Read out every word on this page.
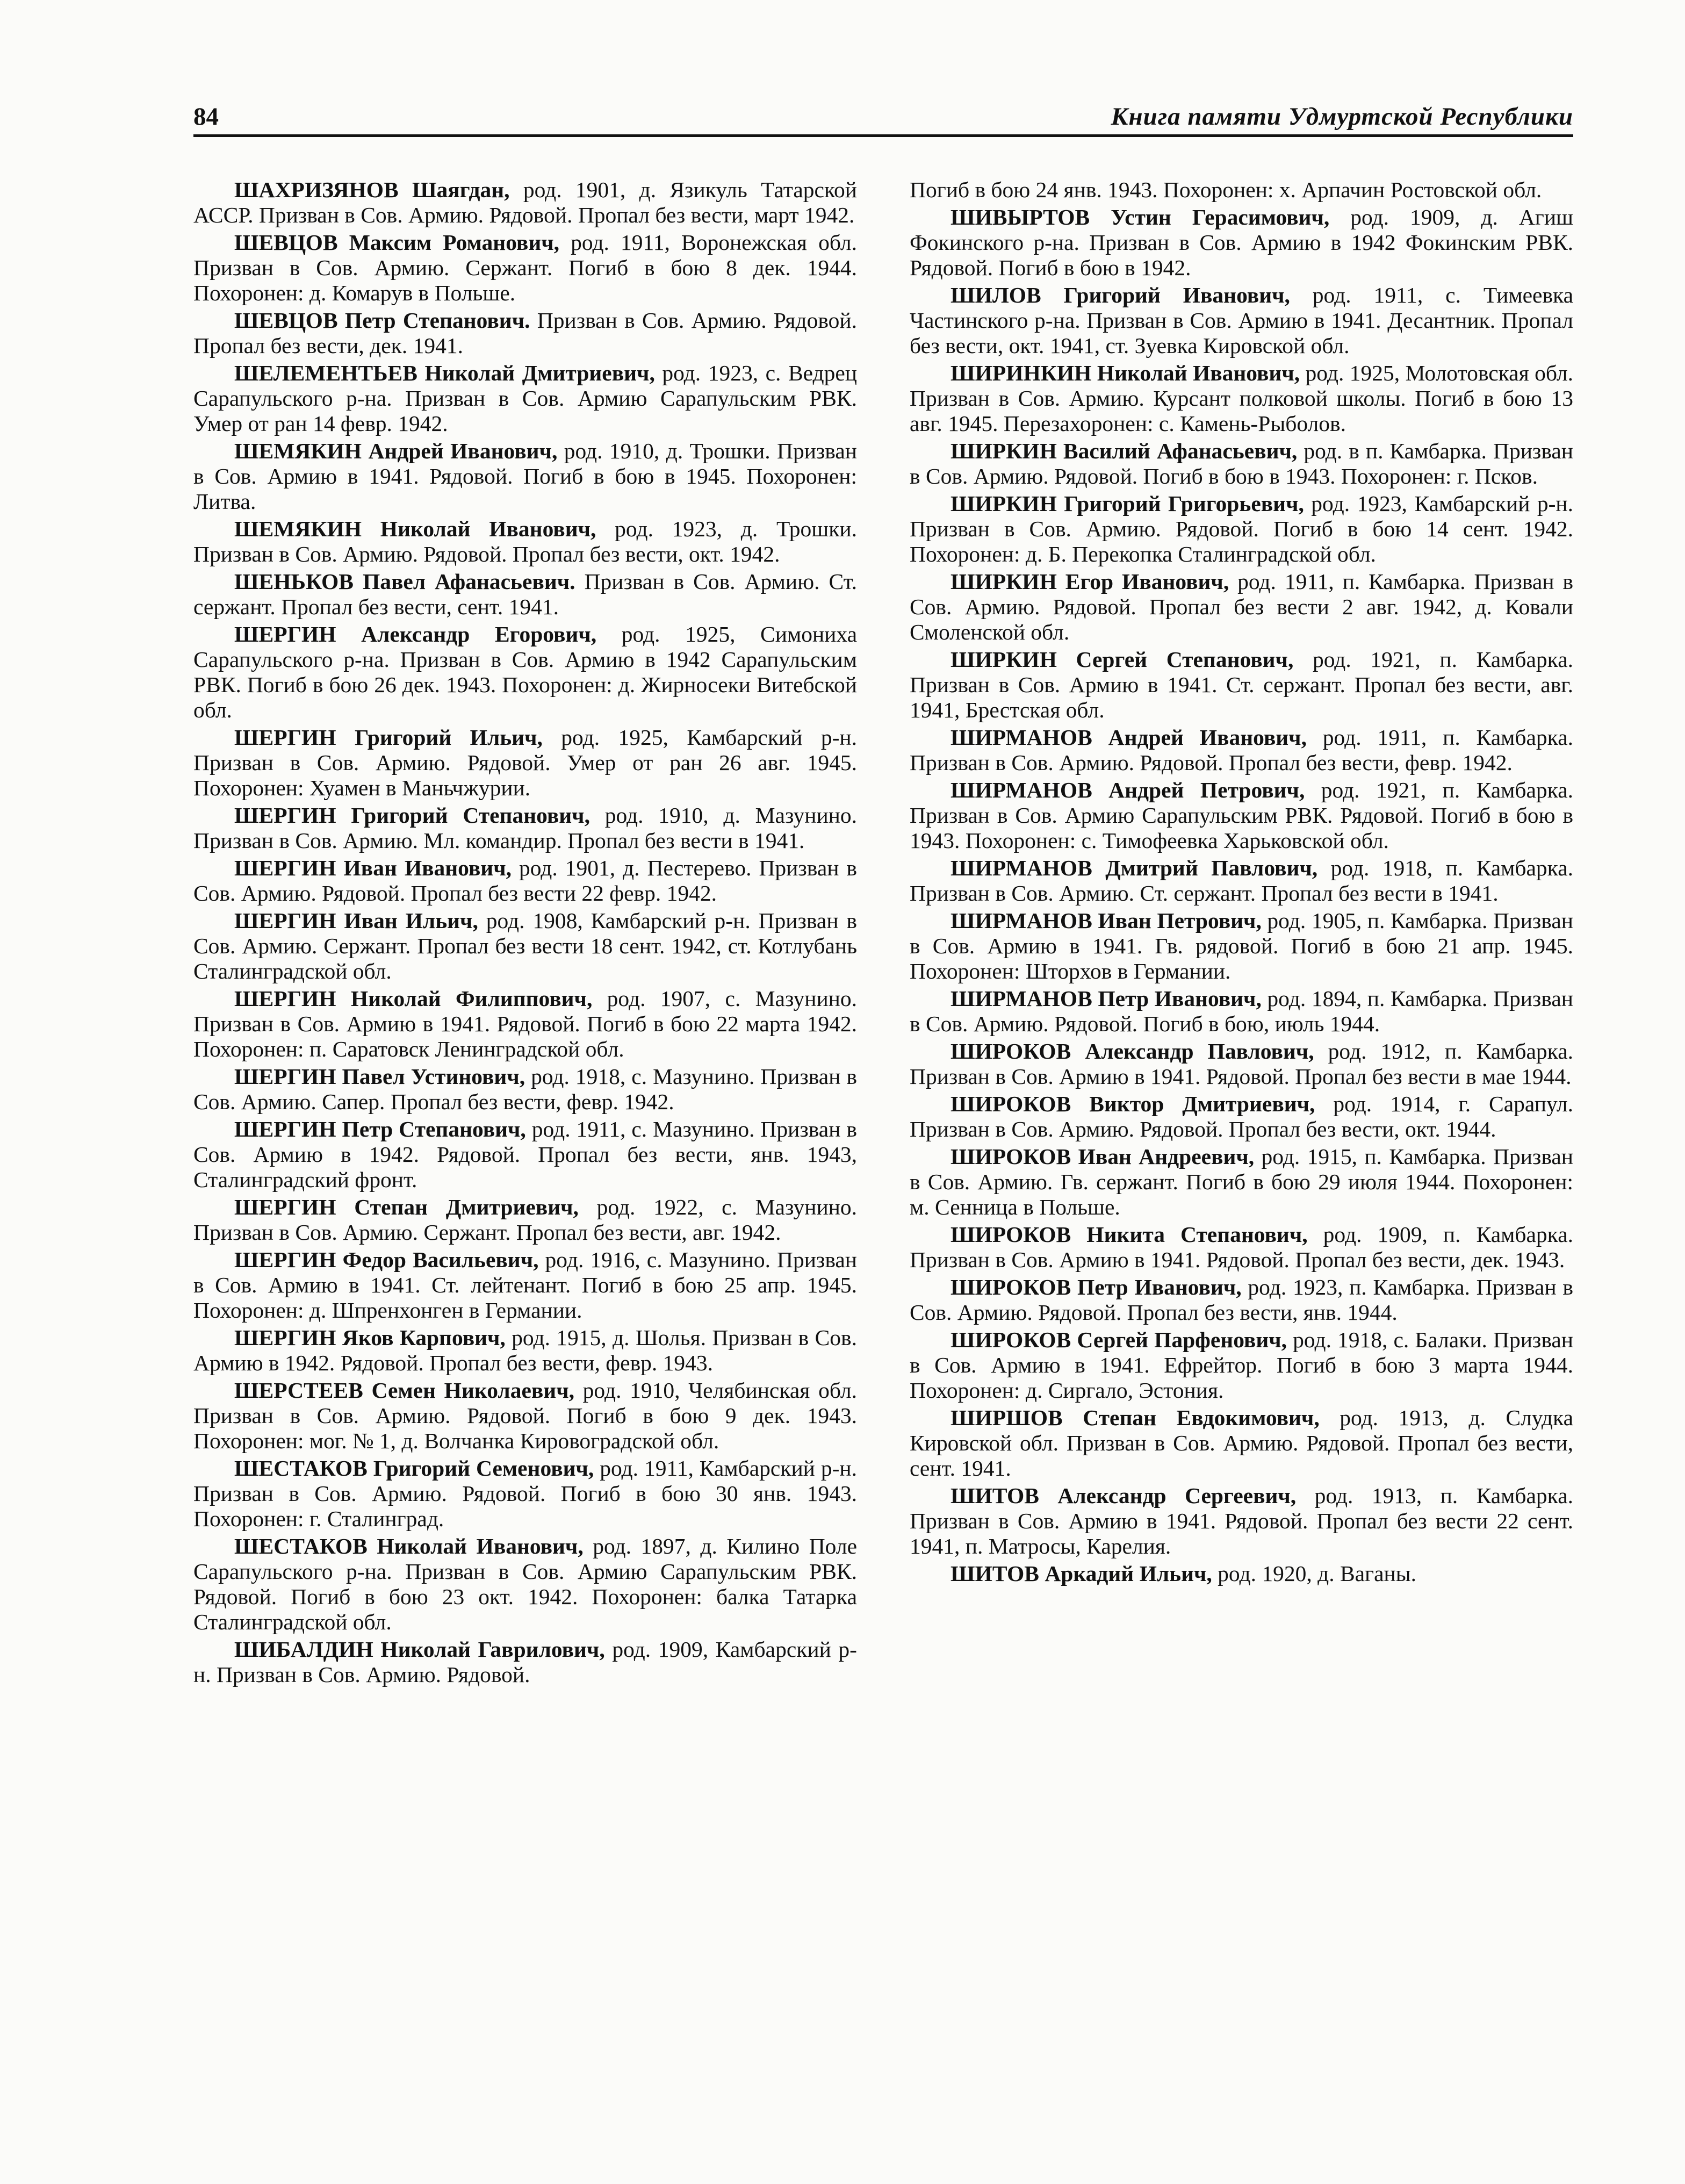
84	Книга памяти Удмуртской Республики

ШАХРИЗЯНОВ Шаягдан, род. 1901, д. Язикуль Татарской АССР. Призван в Сов. Армию. Рядовой. Пропал без вести, март 1942.

ШЕВЦОВ Максим Романович, род. 1911, Воронежская обл. Призван в Сов. Армию. Сержант. Погиб в бою 8 дек. 1944. Похоронен: д. Комарув в Польше.

ШЕВЦОВ Петр Степанович. Призван в Сов. Армию. Рядовой. Пропал без вести, дек. 1941.

ШЕЛЕМЕНТЬЕВ Николай Дмитриевич, род. 1923, с. Ведрец Сарапульского р-на. Призван в Сов. Армию Сарапульским РВК. Умер от ран 14 февр. 1942.

ШЕМЯКИН Андрей Иванович, род. 1910, д. Трошки. Призван в Сов. Армию в 1941. Рядовой. Погиб в бою в 1945. Похоронен: Литва.

ШЕМЯКИН Николай Иванович, род. 1923, д. Трошки. Призван в Сов. Армию. Рядовой. Пропал без вести, окт. 1942.

ШЕНЬКОВ Павел Афанасьевич. Призван в Сов. Армию. Ст. сержант. Пропал без вести, сент. 1941.

ШЕРГИН Александр Егорович, род. 1925, Симониха Сарапульского р-на. Призван в Сов. Армию в 1942 Сарапульским РВК. Погиб в бою 26 дек. 1943. Похоронен: д. Жирносеки Витебской обл.

ШЕРГИН Григорий Ильич, род. 1925, Камбарский р-н. Призван в Сов. Армию. Рядовой. Умер от ран 26 авг. 1945. Похоронен: Хуамен в Маньчжурии.

ШЕРГИН Григорий Степанович, род. 1910, д. Мазунино. Призван в Сов. Армию. Мл. командир. Пропал без вести в 1941.

ШЕРГИН Иван Иванович, род. 1901, д. Пестерево. Призван в Сов. Армию. Рядовой. Пропал без вести 22 февр. 1942.

ШЕРГИН Иван Ильич, род. 1908, Камбарский р-н. Призван в Сов. Армию. Сержант. Пропал без вести 18 сент. 1942, ст. Котлубань Сталинградской обл.

ШЕРГИН Николай Филиппович, род. 1907, с. Мазунино. Призван в Сов. Армию в 1941. Рядовой. Погиб в бою 22 марта 1942. Похоронен: п. Саратовск Ленинградской обл.

ШЕРГИН Павел Устинович, род. 1918, с. Мазунино. Призван в Сов. Армию. Сапер. Пропал без вести, февр. 1942.

ШЕРГИН Петр Степанович, род. 1911, с. Мазунино. Призван в Сов. Армию в 1942. Рядовой. Пропал без вести, янв. 1943, Сталинградский фронт.

ШЕРГИН Степан Дмитриевич, род. 1922, с. Мазунино. Призван в Сов. Армию. Сержант. Пропал без вести, авг. 1942.

ШЕРГИН Федор Васильевич, род. 1916, с. Мазунино. Призван в Сов. Армию в 1941. Ст. лейтенант. Погиб в бою 25 апр. 1945. Похоронен: д. Шпренхонген в Германии.

ШЕРГИН Яков Карпович, род. 1915, д. Шолья. Призван в Сов. Армию в 1942. Рядовой. Пропал без вести, февр. 1943.

ШЕРСТЕЕВ Семен Николаевич, род. 1910, Челябинская обл. Призван в Сов. Армию. Рядовой. Погиб в бою 9 дек. 1943. Похоронен: мог. № 1, д. Волчанка Кировоградской обл.

ШЕСТАКОВ Григорий Семенович, род. 1911, Камбарский р-н. Призван в Сов. Армию. Рядовой. Погиб в бою 30 янв. 1943. Похоронен: г. Сталинград.

ШЕСТАКОВ Николай Иванович, род. 1897, д. Килино Поле Сарапульского р-на. Призван в Сов. Армию Сарапульским РВК. Рядовой. Погиб в бою 23 окт. 1942. Похоронен: балка Татарка Сталинградской обл.

ШИБАЛДИН Николай Гаврилович, род. 1909, Камбарский р-н. Призван в Сов. Армию. Рядовой.

Погиб в бою 24 янв. 1943. Похоронен: х. Арпачин Ростовской обл.

ШИВЫРТОВ Устин Герасимович, род. 1909, д. Агиш Фокинского р-на. Призван в Сов. Армию в 1942 Фокинским РВК. Рядовой. Погиб в бою в 1942.

ШИЛОВ Григорий Иванович, род. 1911, с. Тимеевка Частинского р-на. Призван в Сов. Армию в 1941. Десантник. Пропал без вести, окт. 1941, ст. Зуевка Кировской обл.

ШИРИНКИН Николай Иванович, род. 1925, Молотовская обл. Призван в Сов. Армию. Курсант полковой школы. Погиб в бою 13 авг. 1945. Перезахоронен: с. Камень-Рыболов.

ШИРКИН Василий Афанасьевич, род. в п. Камбарка. Призван в Сов. Армию. Рядовой. Погиб в бою в 1943. Похоронен: г. Псков.

ШИРКИН Григорий Григорьевич, род. 1923, Камбарский р-н. Призван в Сов. Армию. Рядовой. Погиб в бою 14 сент. 1942. Похоронен: д. Б. Перекопка Сталинградской обл.

ШИРКИН Егор Иванович, род. 1911, п. Камбарка. Призван в Сов. Армию. Рядовой. Пропал без вести 2 авг. 1942, д. Ковали Смоленской обл.

ШИРКИН Сергей Степанович, род. 1921, п. Камбарка. Призван в Сов. Армию в 1941. Ст. сержант. Пропал без вести, авг. 1941, Брестская обл.

ШИРМАНОВ Андрей Иванович, род. 1911, п. Камбарка. Призван в Сов. Армию. Рядовой. Пропал без вести, февр. 1942.

ШИРМАНОВ Андрей Петрович, род. 1921, п. Камбарка. Призван в Сов. Армию Сарапульским РВК. Рядовой. Погиб в бою в 1943. Похоронен: с. Тимофеевка Харьковской обл.

ШИРМАНОВ Дмитрий Павлович, род. 1918, п. Камбарка. Призван в Сов. Армию. Ст. сержант. Пропал без вести в 1941.

ШИРМАНОВ Иван Петрович, род. 1905, п. Камбарка. Призван в Сов. Армию в 1941. Гв. рядовой. Погиб в бою 21 апр. 1945. Похоронен: Шторхов в Германии.

ШИРМАНОВ Петр Иванович, род. 1894, п. Камбарка. Призван в Сов. Армию. Рядовой. Погиб в бою, июль 1944.

ШИРОКОВ Александр Павлович, род. 1912, п. Камбарка. Призван в Сов. Армию в 1941. Рядовой. Пропал без вести в мае 1944.

ШИРОКОВ Виктор Дмитриевич, род. 1914, г. Сарапул. Призван в Сов. Армию. Рядовой. Пропал без вести, окт. 1944.

ШИРОКОВ Иван Андреевич, род. 1915, п. Камбарка. Призван в Сов. Армию. Гв. сержант. Погиб в бою 29 июля 1944. Похоронен: м. Сенница в Польше.

ШИРОКОВ Никита Степанович, род. 1909, п. Камбарка. Призван в Сов. Армию в 1941. Рядовой. Пропал без вести, дек. 1943.

ШИРОКОВ Петр Иванович, род. 1923, п. Камбарка. Призван в Сов. Армию. Рядовой. Пропал без вести, янв. 1944.

ШИРОКОВ Сергей Парфенович, род. 1918, с. Балаки. Призван в Сов. Армию в 1941. Ефрейтор. Погиб в бою 3 марта 1944. Похоронен: д. Сиргало, Эстония.

ШИРШОВ Степан Евдокимович, род. 1913, д. Слудка Кировской обл. Призван в Сов. Армию. Рядовой. Пропал без вести, сент. 1941.

ШИТОВ Александр Сергеевич, род. 1913, п. Камбарка. Призван в Сов. Армию в 1941. Рядовой. Пропал без вести 22 сент. 1941, п. Матросы, Карелия.

ШИТОВ Аркадий Ильич, род. 1920, д. Ваганы.
